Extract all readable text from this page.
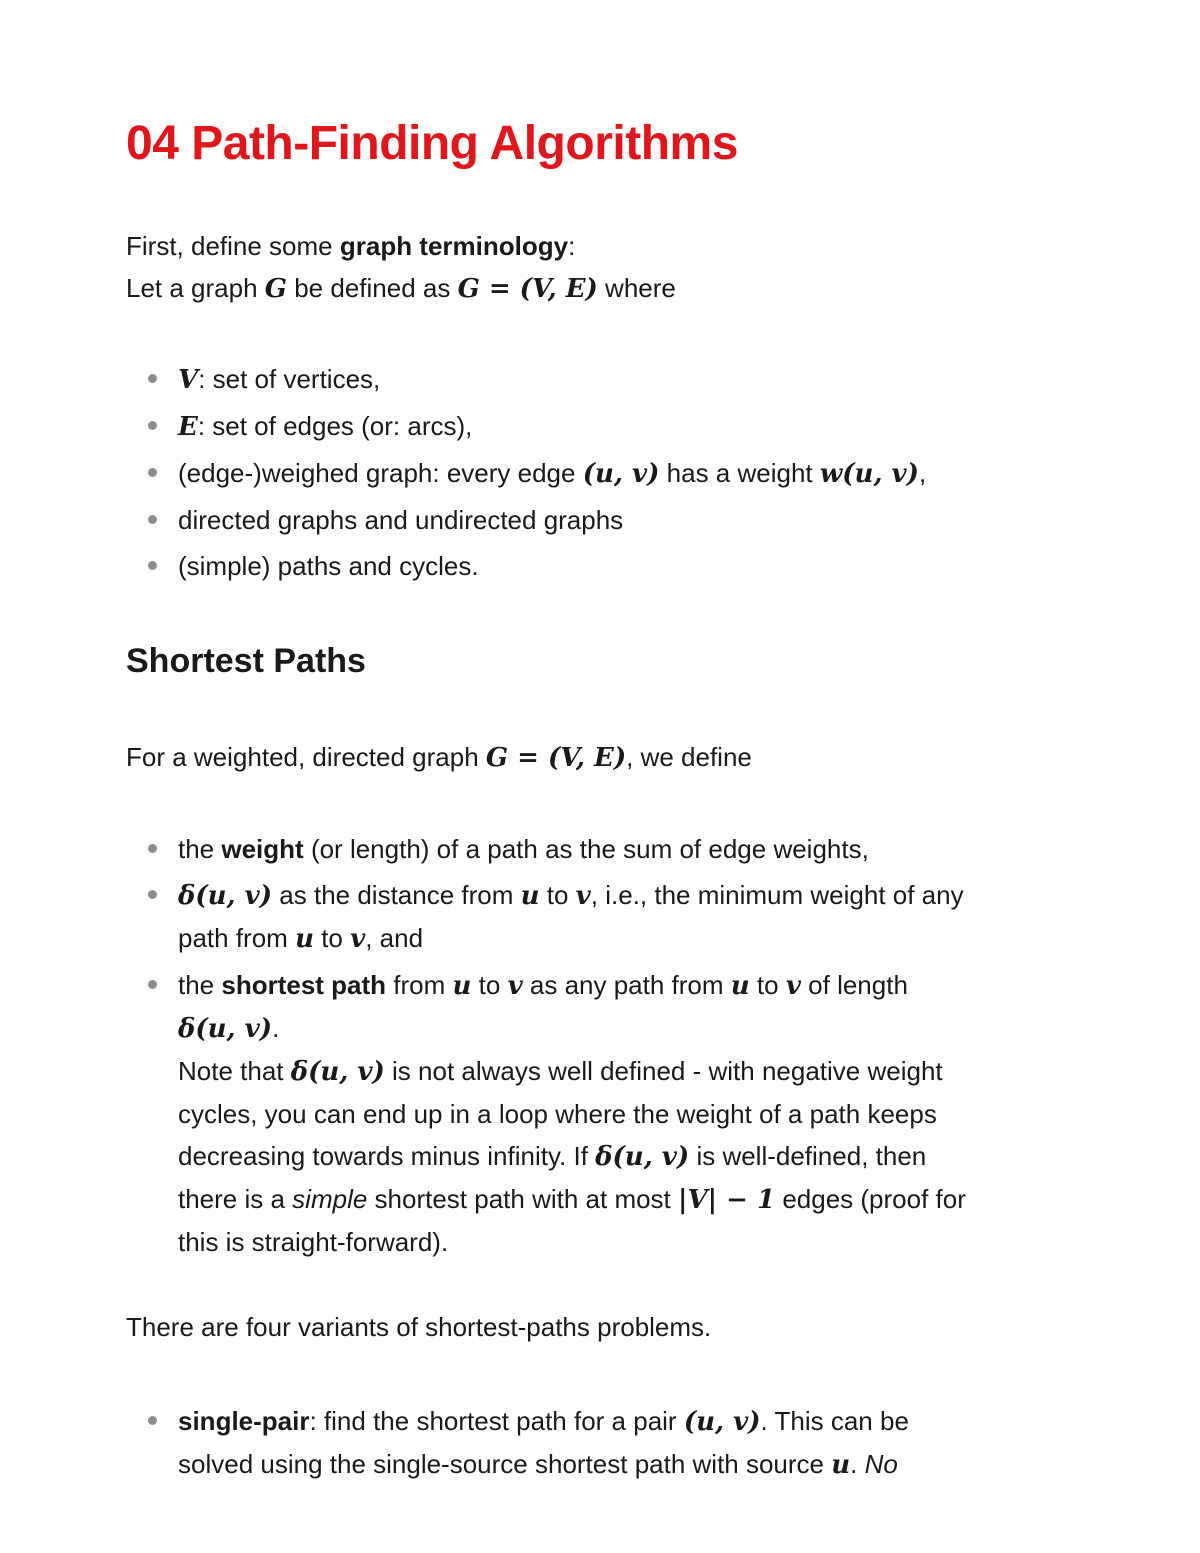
04 Path-Finding Algorithms

First, define some graph terminology:
Let a graph G be defined as G = (V, E) where

V: set of vertices,
E: set of edges (or: arcs),
(edge-)weighed graph: every edge (u, v) has a weight w(u, v),
directed graphs and undirected graphs
(simple) paths and cycles.
Shortest Paths

For a weighted, directed graph G = (V, E), we define

the weight (or length) of a path as the sum of edge weights,
δ(u, v) as the distance from u to v, i.e., the minimum weight of any
path from u to v, and
the shortest path from u to v as any path from u to v of length
δ(u, v).
Note that δ(u, v) is not always well defined - with negative weight
cycles, you can end up in a loop where the weight of a path keeps
decreasing towards minus infinity. If δ(u, v) is well-defined, then
there is a simple shortest path with at most |V| − 1 edges (proof for
this is straight-forward).

There are four variants of shortest-paths problems.

single-pair: find the shortest path for a pair (u, v). This can be
solved using the single-source shortest path with source u. No
